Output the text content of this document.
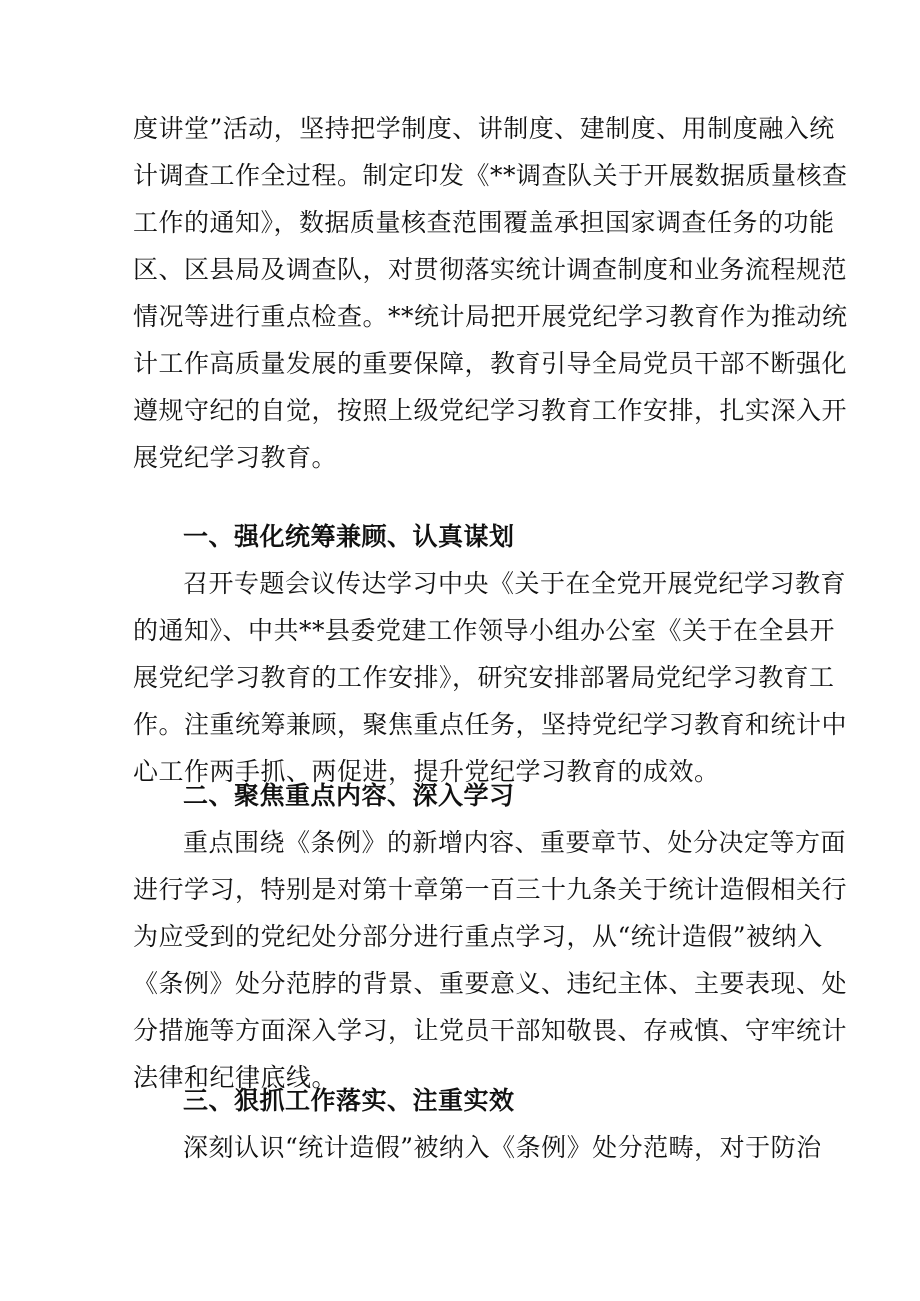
度讲堂”活动，坚持把学制度、讲制度、建制度、用制度融入统
计调查工作全过程。制定印发《**调查队关于开展数据质量核查
工作的通知》，数据质量核查范围覆盖承担国家调查任务的功能
区、区县局及调查队，对贯彻落实统计调查制度和业务流程规范
情况等进行重点检查。**统计局把开展党纪学习教育作为推动统
计工作高质量发展的重要保障，教育引导全局党员干部不断强化
遵规守纪的自觉，按照上级党纪学习教育工作安排，扎实深入开
展党纪学习教育。
一、强化统筹兼顾、认真谋划
召开专题会议传达学习中央《关于在全党开展党纪学习教育
的通知》、中共**县委党建工作领导小组办公室《关于在全县开
展党纪学习教育的工作安排》，研究安排部署局党纪学习教育工
作。注重统筹兼顾，聚焦重点任务，坚持党纪学习教育和统计中
心工作两手抓、两促进，提升党纪学习教育的成效。
二、聚焦重点内容、深入学习
重点围绕《条例》的新增内容、重要章节、处分决定等方面
进行学习，特别是对第十章第一百三十九条关于统计造假相关行
为应受到的党纪处分部分进行重点学习，从“统计造假”被纳入
《条例》处分范脖的背景、重要意义、违纪主体、主要表现、处
分措施等方面深入学习，让党员干部知敬畏、存戒慎、守牢统计
法律和纪律底线。
三、狠抓工作落实、注重实效
深刻认识“统计造假”被纳入《条例》处分范畴，对于防治
